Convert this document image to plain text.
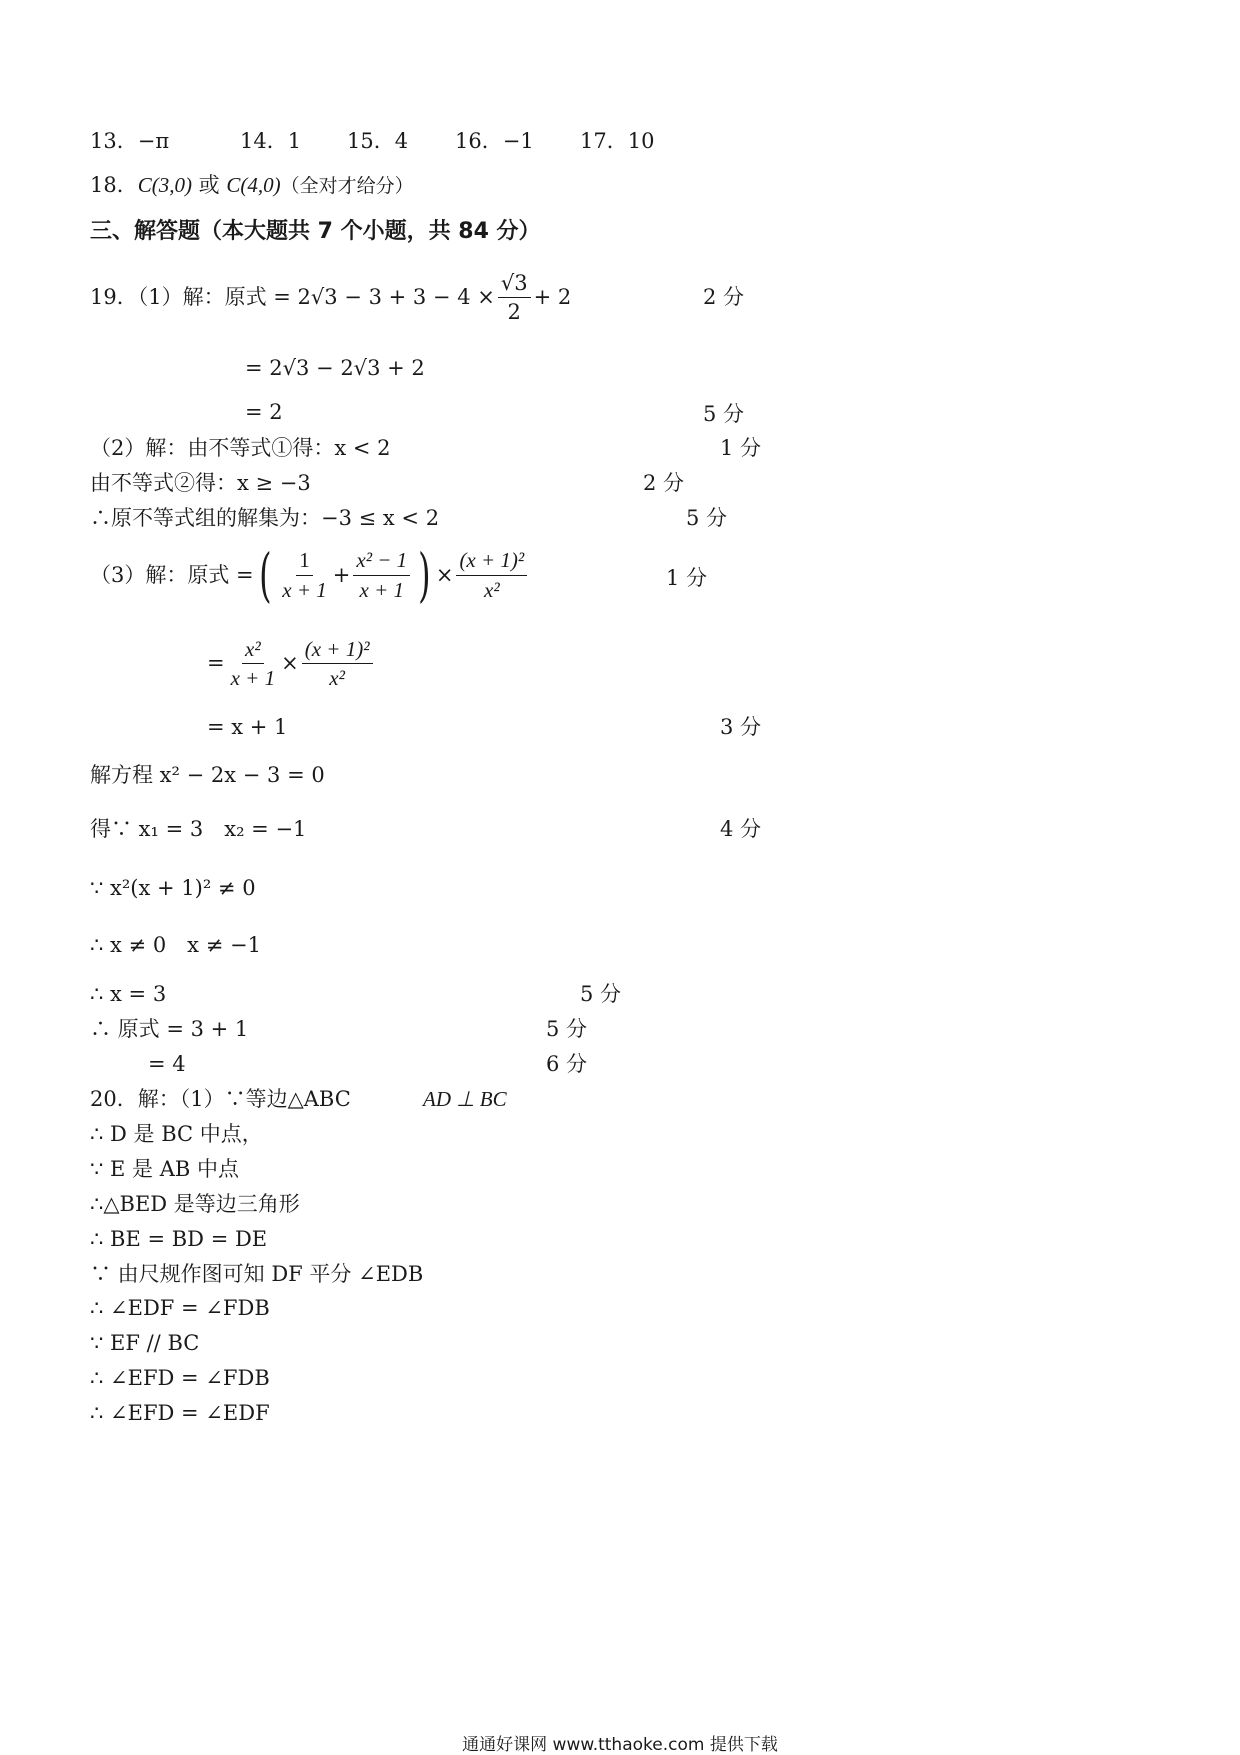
13．−π	14．1 15．4 16．−1 17．10
18．C(3,0) 或 C(4,0)（全对才给分）
三、解答题（本大题共 7 个小题，共 84 分）
19．（1）解：原式 = $2√3 - 3 + 3 - 4 \times \frac{√3}{2} + 2$	2 分
= 2√3 − 2√3 + 2
= 2	5 分
（2）解：由不等式①得：x < 2	1 分
由不等式②得：x ≥ −3	2 分
∴原不等式组的解集为：−3 ≤ x < 2	5 分
（3）解：原式 = ( $\frac{1}{x + 1} + \frac{\text{x² − 1}}{x + 1}$ ) × $\frac{\text{(x + 1)²}}{\text{x²}}$	1 分
= $\frac{\text{x²}}{x + 1} \times \frac{\text{(x + 1)²}}{\text{x²}}$
= x + 1	3 分
解方程 x² − 2x − 3 = 0
得∵ x₁ = 3　x₂ = −1	4 分
∵ x²(x + 1)² ≠ 0
∴ x ≠ 0　x ≠ −1
∴ x = 3	5 分
∴ 原式 = 3 + 1	5 分
= 4	6 分
20．解：（1）∵等边△ABC	AD ⊥ BC
∴ D 是 BC 中点，
∵ E 是 AB 中点
∴△BED 是等边三角形
∴ BE = BD = DE
∵ 由尺规作图可知 DF 平分 ∠EDB
∴ ∠EDF = ∠FDB
∵ EF // BC
∴ ∠EFD = ∠FDB
∴ ∠EFD = ∠EDF
通通好课网 www.tthaoke.com 提供下载
